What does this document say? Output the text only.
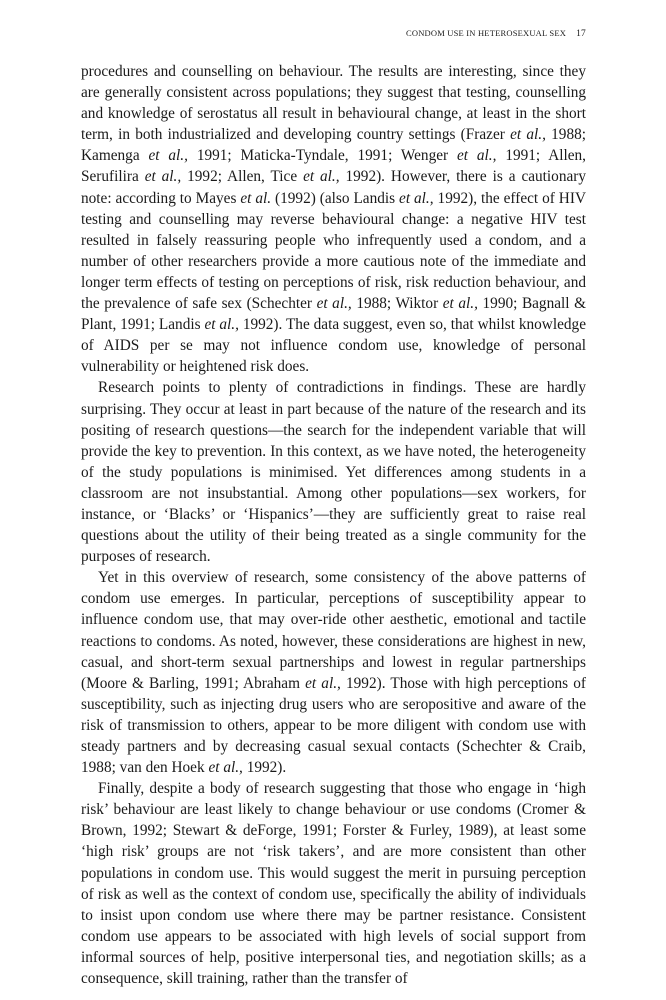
CONDOM USE IN HETEROSEXUAL SEX 17

procedures and counselling on behaviour. The results are interesting, since they are generally consistent across populations; they suggest that testing, counselling and knowledge of serostatus all result in behavioural change, at least in the short term, in both industrialized and developing country settings (Frazer et al., 1988; Kamenga et al., 1991; Maticka-Tyndale, 1991; Wenger et al., 1991; Allen, Serufilira et al., 1992; Allen, Tice et al., 1992). However, there is a cautionary note: according to Mayes et al. (1992) (also Landis et al., 1992), the effect of HIV testing and counselling may reverse behavioural change: a negative HIV test resulted in falsely reassuring people who infrequently used a condom, and a number of other researchers provide a more cautious note of the immediate and longer term effects of testing on perceptions of risk, risk reduction behaviour, and the prevalence of safe sex (Schechter et al., 1988; Wiktor et al., 1990; Bagnall & Plant, 1991; Landis et al., 1992). The data suggest, even so, that whilst knowledge of AIDS per se may not influence condom use, knowledge of personal vulnerability or heightened risk does.

Research points to plenty of contradictions in findings. These are hardly surprising. They occur at least in part because of the nature of the research and its positing of research questions—the search for the independent variable that will provide the key to prevention. In this context, as we have noted, the heterogeneity of the study populations is minimised. Yet differences among students in a classroom are not insubstantial. Among other populations—sex workers, for instance, or ‘Blacks’ or ‘Hispanics’—they are sufficiently great to raise real questions about the utility of their being treated as a single community for the purposes of research.

Yet in this overview of research, some consistency of the above patterns of condom use emerges. In particular, perceptions of susceptibility appear to influence condom use, that may over-ride other aesthetic, emotional and tactile reactions to condoms. As noted, however, these considerations are highest in new, casual, and short-term sexual partnerships and lowest in regular partnerships (Moore & Barling, 1991; Abraham et al., 1992). Those with high perceptions of susceptibility, such as injecting drug users who are seropositive and aware of the risk of transmission to others, appear to be more diligent with condom use with steady partners and by decreasing casual sexual contacts (Schechter & Craib, 1988; van den Hoek et al., 1992).

Finally, despite a body of research suggesting that those who engage in ‘high risk’ behaviour are least likely to change behaviour or use condoms (Cromer & Brown, 1992; Stewart & deForge, 1991; Forster & Furley, 1989), at least some ‘high risk’ groups are not ‘risk takers’, and are more consistent than other populations in condom use. This would suggest the merit in pursuing perception of risk as well as the context of condom use, specifically the ability of individuals to insist upon condom use where there may be partner resistance. Consistent condom use appears to be associated with high levels of social support from informal sources of help, positive interpersonal ties, and negotiation skills; as a consequence, skill training, rather than the transfer of
